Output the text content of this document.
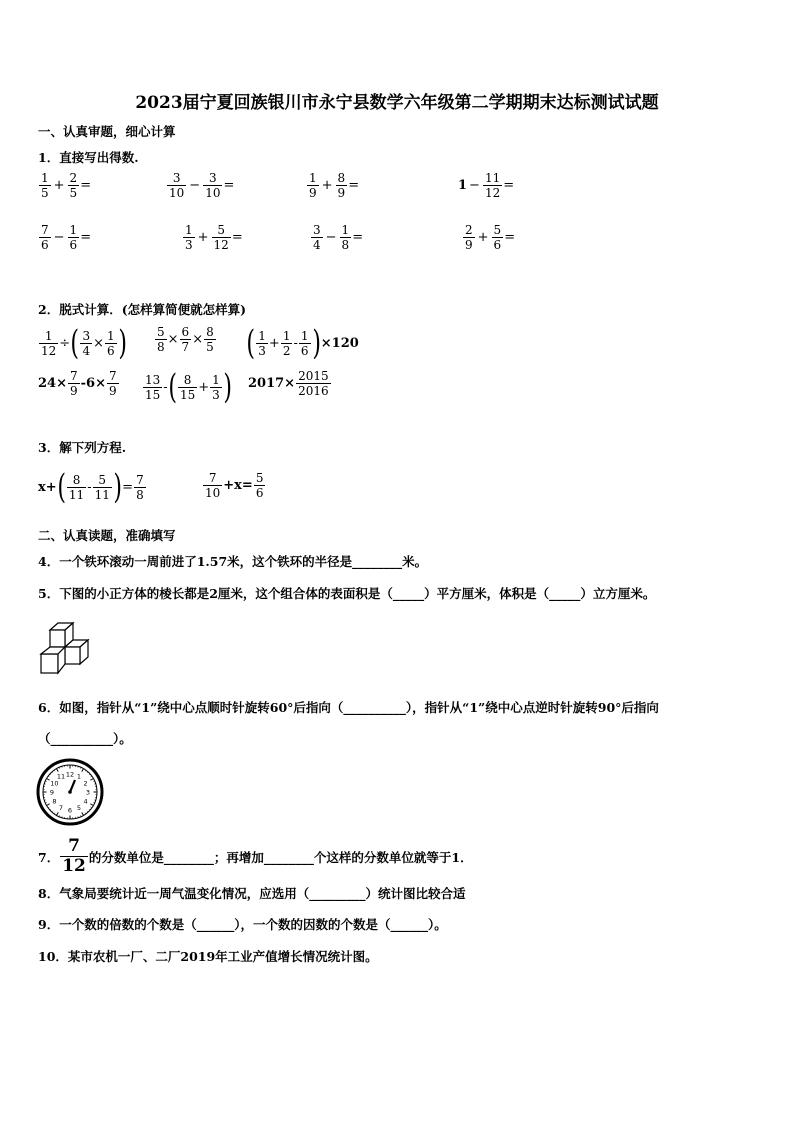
2023届宁夏回族银川市永宁县数学六年级第二学期期末达标测试试题
一、认真审题，细心计算
1．直接写出得数.
$\frac{1}{5} + \frac{2}{5}$ =	$\frac{3}{10} - \frac{3}{10}$ =	$\frac{1}{9} + \frac{8}{9}$ =	$1 - \frac{11}{12}$ =
$\frac{7}{6} - \frac{1}{6}$ =	$\frac{1}{3} + \frac{5}{12}$ =	$\frac{3}{4} - \frac{1}{8}$ =	$\frac{2}{9} + \frac{5}{6}$ =
2．脱式计算．(怎样算简便就怎样算)
$\frac{1}{12}$ ÷ ( $\frac{3}{4} \times \frac{1}{6}$ ) $\frac{5}{8} \times \frac{6}{7} \times \frac{8}{5}$ ( $\frac{1}{3} + \frac{1}{2} - \frac{1}{6}$ ) ×120
$24\times \frac{7}{9} -6\times \frac{7}{9} \frac{13}{15}$ - ( $\frac{8}{15} + \frac{1}{3}$ ) $2017\times \frac{2015}{2016}$
3．解下列方程.
x+ ( $\frac{8}{11} - \frac{5}{11}$ ) = $\frac{7}{8}$	$\frac{7}{10} +x= \frac{5}{6}$
二、认真读题，准确填写
4．一个铁环滚动一周前进了1.57米，这个铁环的半径是________米。
5．下图的小正方体的棱长都是2厘米，这个组合体的表面积是（_____）平方厘米，体积是（_____）立方厘米。
6．如图，指针从“1”绕中心点顺时针旋转60°后指向（__________），指针从“1”绕中心点逆时针旋转90°后指向
（__________）。
12 1
2
3
4
5
6
7
8
9
10
11
7． $\frac{7}{12}$ 的分数单位是________；再增加________个这样的分数单位就等于1．
8．气象局要统计近一周气温变化情况，应选用（_________）统计图比较合适
9．一个数的倍数的个数是（______），一个数的因数的个数是（______）。
10．某市农机一厂、二厂2019年工业产值增长情况统计图。
